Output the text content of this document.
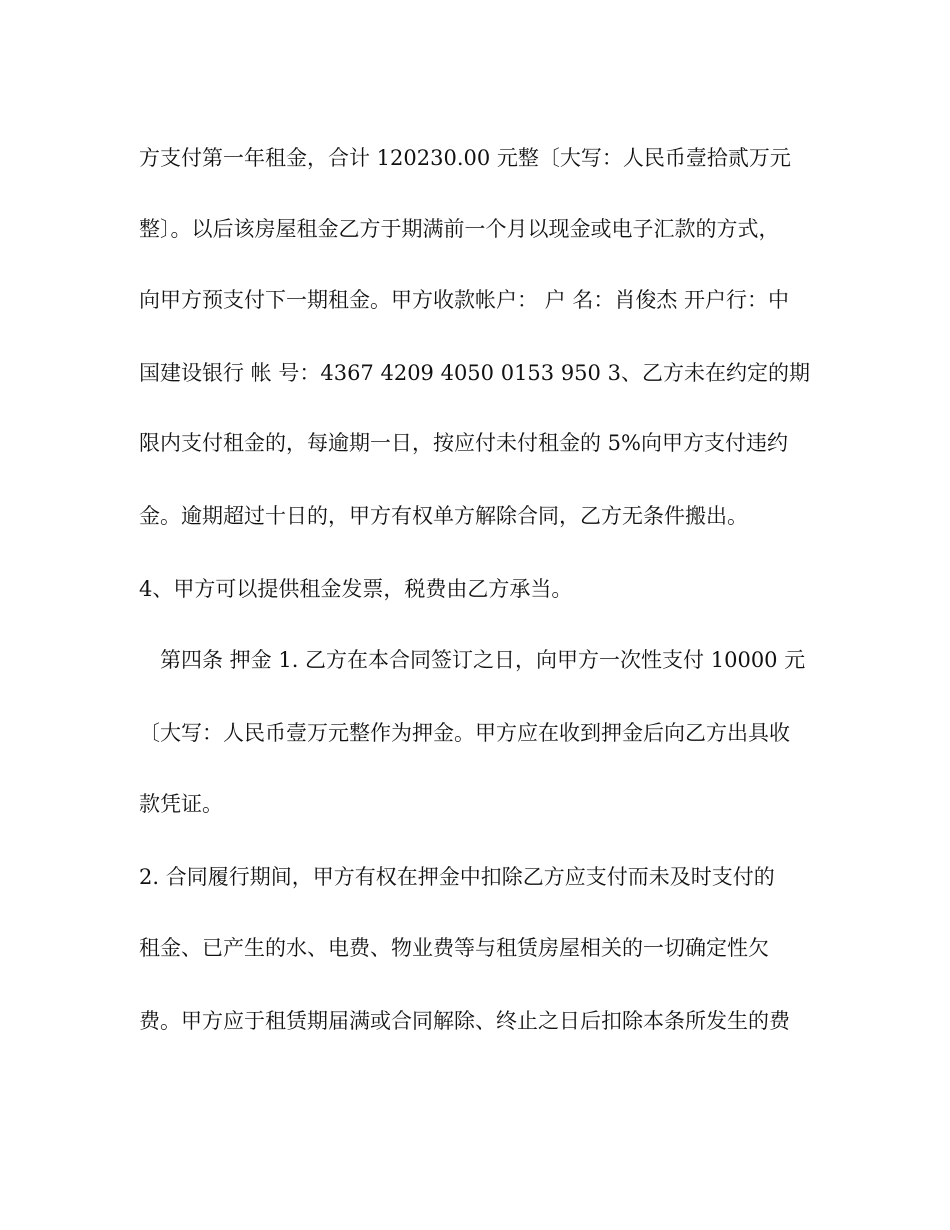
方支付第一年租金，合计 120230.00 元整〔大写：人民币壹拾贰万元
整〕。以后该房屋租金乙方于期满前一个月以现金或电子汇款的方式，
向甲方预支付下一期租金。甲方收款帐户： 户 名：肖俊杰 开户行：中
国建设银行 帐 号：4367 4209 4050 0153 950 3、乙方未在约定的期
限内支付租金的，每逾期一日，按应付未付租金的 5%向甲方支付违约
金。逾期超过十日的，甲方有权单方解除合同，乙方无条件搬出。
4、甲方可以提供租金发票，税费由乙方承当。
第四条 押金 1. 乙方在本合同签订之日，向甲方一次性支付 10000 元
〔大写：人民币壹万元整作为押金。甲方应在收到押金后向乙方出具收
款凭证。
2. 合同履行期间，甲方有权在押金中扣除乙方应支付而未及时支付的
租金、已产生的水、电费、物业费等与租赁房屋相关的一切确定性欠
费。甲方应于租赁期届满或合同解除、终止之日后扣除本条所发生的费
